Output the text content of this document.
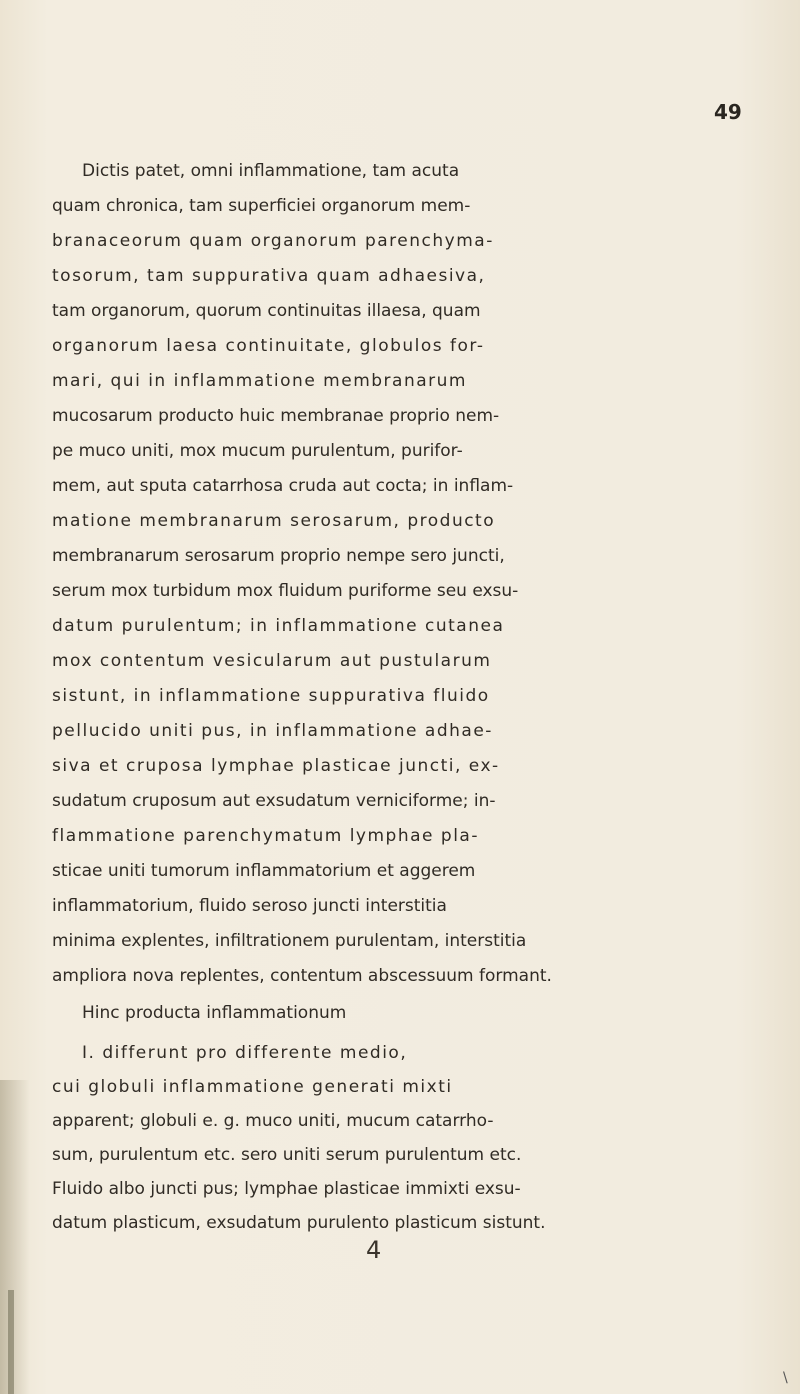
49
Dictis patet, omni inflammatione, tam acuta
quam chronica, tam superficiei organorum mem-
branaceorum quam organorum parenchyma-
tosorum, tam suppurativa quam adhaesiva,
tam organorum, quorum continuitas illaesa, quam
organorum laesa continuitate, globulos for-
mari, qui in inflammatione membranarum
mucosarum producto huic membranae proprio nem-
pe muco uniti, mox mucum purulentum, purifor-
mem, aut sputa catarrhosa cruda aut cocta; in inflam-
matione membranarum serosarum, producto
membranarum serosarum proprio nempe sero juncti,
serum mox turbidum mox fluidum puriforme seu exsu-
datum purulentum; in inflammatione cutanea
mox contentum vesicularum aut pustularum
sistunt, in inflammatione suppurativa fluido
pellucido uniti pus, in inflammatione adhae-
siva et cruposa lymphae plasticae juncti, ex-
sudatum cruposum aut exsudatum verniciforme; in-
flammatione parenchymatum lymphae pla-
sticae uniti tumorum inflammatorium et aggerem
inflammatorium, fluido seroso juncti interstitia
minima explentes, infiltrationem purulentam, interstitia
ampliora nova replentes, contentum abscessuum formant.
Hinc producta inflammationum
I. differunt pro differente medio,
cui globuli inflammatione generati mixti
apparent; globuli e. g. muco uniti, mucum catarrho-
sum, purulentum etc. sero uniti serum purulentum etc.
Fluido albo juncti pus; lymphae plasticae immixti exsu-
datum plasticum, exsudatum purulento plasticum sistunt.
4
\
